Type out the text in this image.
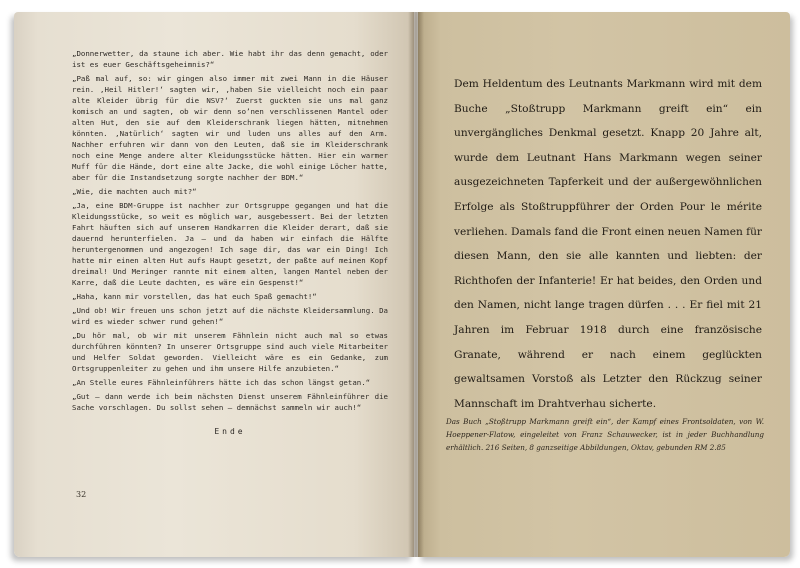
„Donnerwetter, da staune ich aber. Wie habt ihr das denn gemacht, oder ist es euer Geschäftsgeheimnis?“

„Paß mal auf, so: wir gingen also immer mit zwei Mann in die Häuser rein. ‚Heil Hitler!‘ sagten wir, ‚haben Sie vielleicht noch ein paar alte Kleider übrig für die NSV?‘ Zuerst guckten sie uns mal ganz komisch an und sagten, ob wir denn so’nen verschlissenen Mantel oder alten Hut, den sie auf dem Kleiderschrank liegen hätten, mitnehmen könnten. ‚Natürlich‘ sagten wir und luden uns alles auf den Arm. Nachher erfuhren wir dann von den Leuten, daß sie im Kleiderschrank noch eine Menge andere alter Kleidungsstücke hätten. Hier ein warmer Muff für die Hände, dort eine alte Jacke, die wohl einige Löcher hatte, aber für die Instandsetzung sorgte nachher der BDM.“

„Wie, die machten auch mit?“

„Ja, eine BDM-Gruppe ist nachher zur Ortsgruppe gegangen und hat die Kleidungsstücke, so weit es möglich war, ausgebessert. Bei der letzten Fahrt häuften sich auf unserem Handkarren die Kleider derart, daß sie dauernd herunterfielen. Ja — und da haben wir einfach die Hälfte heruntergenommen und angezogen! Ich sage dir, das war ein Ding! Ich hatte mir einen alten Hut aufs Haupt gesetzt, der paßte auf meinen Kopf dreimal! Und Meringer rannte mit einem alten, langen Mantel neben der Karre, daß die Leute dachten, es wäre ein Gespenst!“

„Haha, kann mir vorstellen, das hat euch Spaß gemacht!“

„Und ob! Wir freuen uns schon jetzt auf die nächste Kleidersammlung. Da wird es wieder schwer rund gehen!“

„Du hör mal, ob wir mit unserem Fähnlein nicht auch mal so etwas durchführen könnten? In unserer Ortsgruppe sind auch viele Mitarbeiter und Helfer Soldat geworden. Vielleicht wäre es ein Gedanke, zum Ortsgruppenleiter zu gehen und ihm unsere Hilfe anzubieten.“

„An Stelle eures Fähnleinführers hätte ich das schon längst getan.“

„Gut — dann werde ich beim nächsten Dienst unserem Fähnleinführer die Sache vorschlagen. Du sollst sehen — demnächst sammeln wir auch!“

Ende
32

Dem Heldentum des Leutnants Markmann wird mit dem Buche „Stoßtrupp Markmann greift ein“ ein unvergängliches Denkmal gesetzt. Knapp 20 Jahre alt, wurde dem Leutnant Hans Markmann wegen seiner ausgezeichneten Tapferkeit und der außergewöhnlichen Erfolge als Stoßtruppführer der Orden Pour le mérite verliehen. Damals fand die Front einen neuen Namen für diesen Mann, den sie alle kannten und liebten: der Richthofen der Infanterie! Er hat beides, den Orden und den Namen, nicht lange tragen dürfen . . . Er fiel mit 21 Jahren im Februar 1918 durch eine französische Granate, während er nach einem geglückten gewaltsamen Vorstoß als Letzter den Rückzug seiner Mannschaft im Drahtverhau sicherte.

Das Buch „Stoßtrupp Markmann greift ein“, der Kampf eines Frontsoldaten, von W. Hoeppener-Flatow, eingeleitet von Franz Schauwecker, ist in jeder Buchhandlung erhältlich. 216 Seiten, 8 ganzseitige Abbildungen, Oktav, gebunden RM 2.85
